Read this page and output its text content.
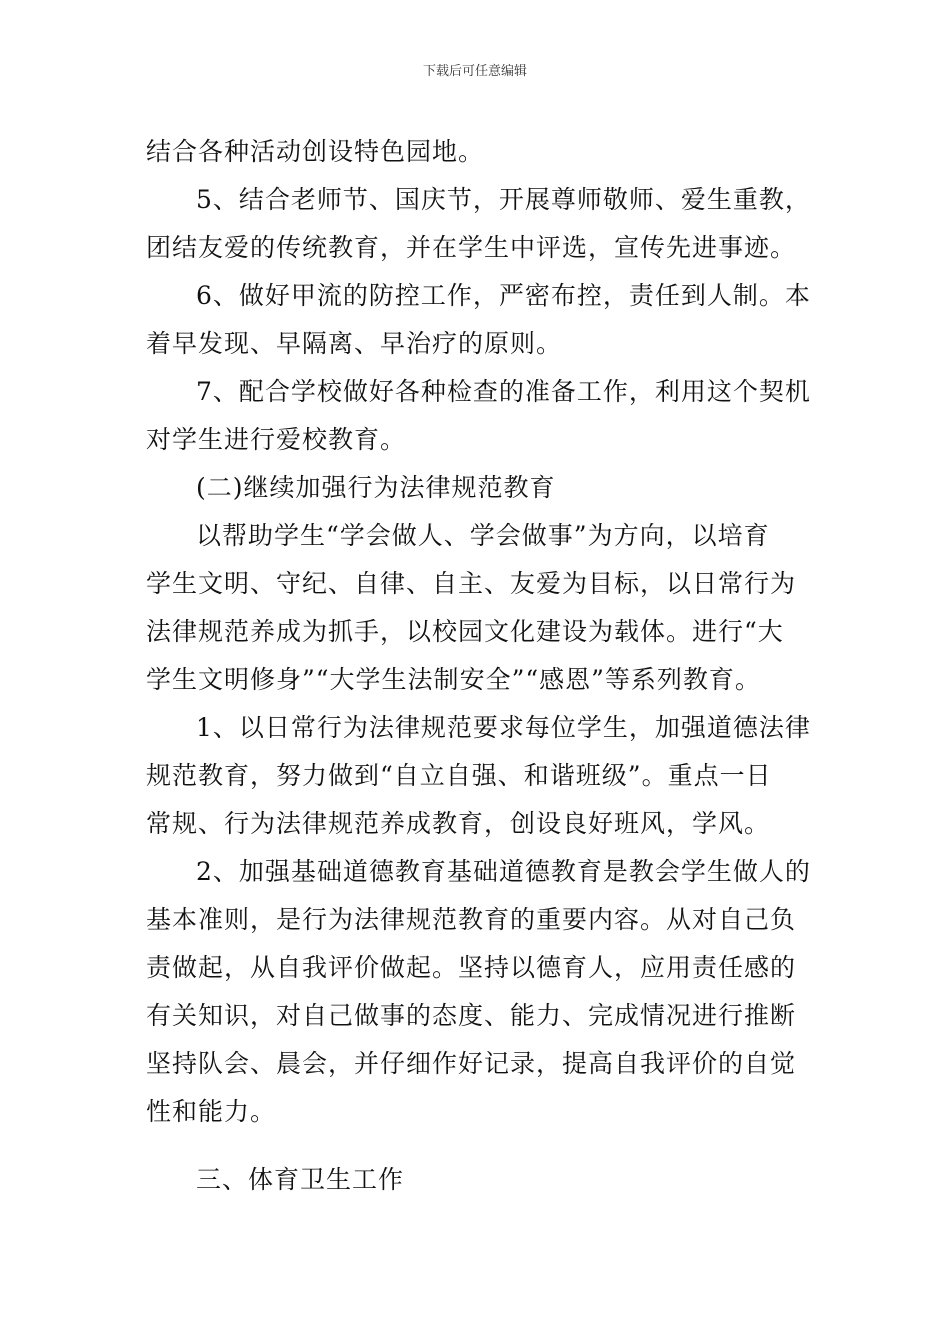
下载后可任意编辑
结合各种活动创设特色园地。
5、结合老师节、国庆节，开展尊师敬师、爱生重教，
团结友爱的传统教育，并在学生中评选，宣传先进事迹。
6、做好甲流的防控工作，严密布控，责任到人制。本
着早发现、早隔离、早治疗的原则。
7、配合学校做好各种检查的准备工作，利用这个契机
对学生进行爱校教育。
(二)继续加强行为法律规范教育
以帮助学生“学会做人、学会做事”为方向，以培育
学生文明、守纪、自律、自主、友爱为目标，以日常行为
法律规范养成为抓手，以校园文化建设为载体。进行“大
学生文明修身”“大学生法制安全”“感恩”等系列教育。
1、以日常行为法律规范要求每位学生，加强道德法律
规范教育，努力做到“自立自强、和谐班级”。重点一日
常规、行为法律规范养成教育，创设良好班风，学风。
2、加强基础道德教育基础道德教育是教会学生做人的
基本准则，是行为法律规范教育的重要内容。从对自己负
责做起，从自我评价做起。坚持以德育人，应用责任感的
有关知识，对自己做事的态度、能力、完成情况进行推断
坚持队会、晨会，并仔细作好记录，提高自我评价的自觉
性和能力。
三、体育卫生工作
